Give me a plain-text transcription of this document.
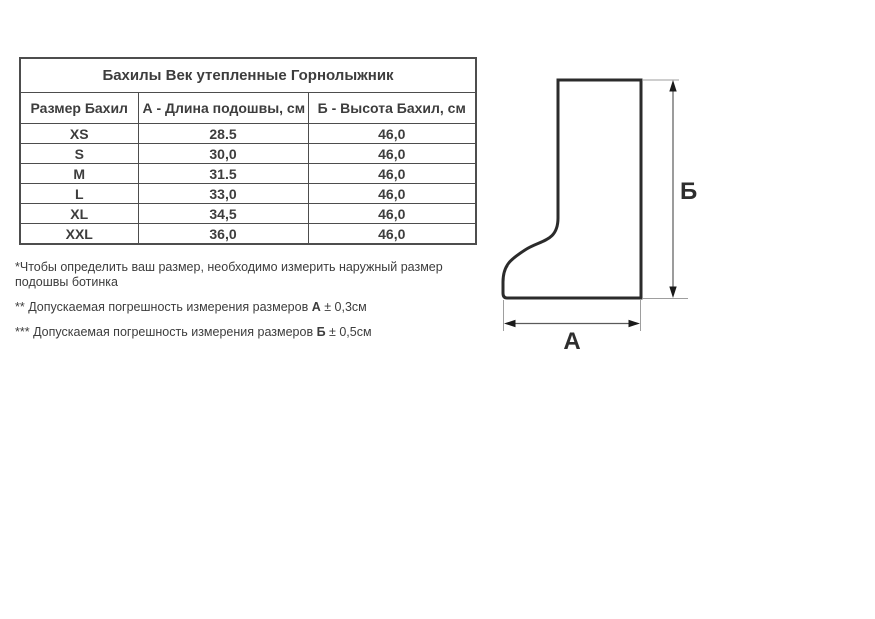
Бахилы Век утепленные Горнолыжник		
Размер Бахил	А - Длина подошвы, см	Б - Высота Бахил, см
XS	28.5	46,0
S	30,0	46,0
M	31.5	46,0
L	33,0	46,0
XL	34,5	46,0
XXL	36,0	46,0
*Чтобы определить ваш размер, необходимо измерить наружный размер
подошвы ботинка
** Допускаемая погрешность измерения размеров А ± 0,3см
*** Допускаемая погрешность измерения размеров Б ± 0,5см
Б
А
